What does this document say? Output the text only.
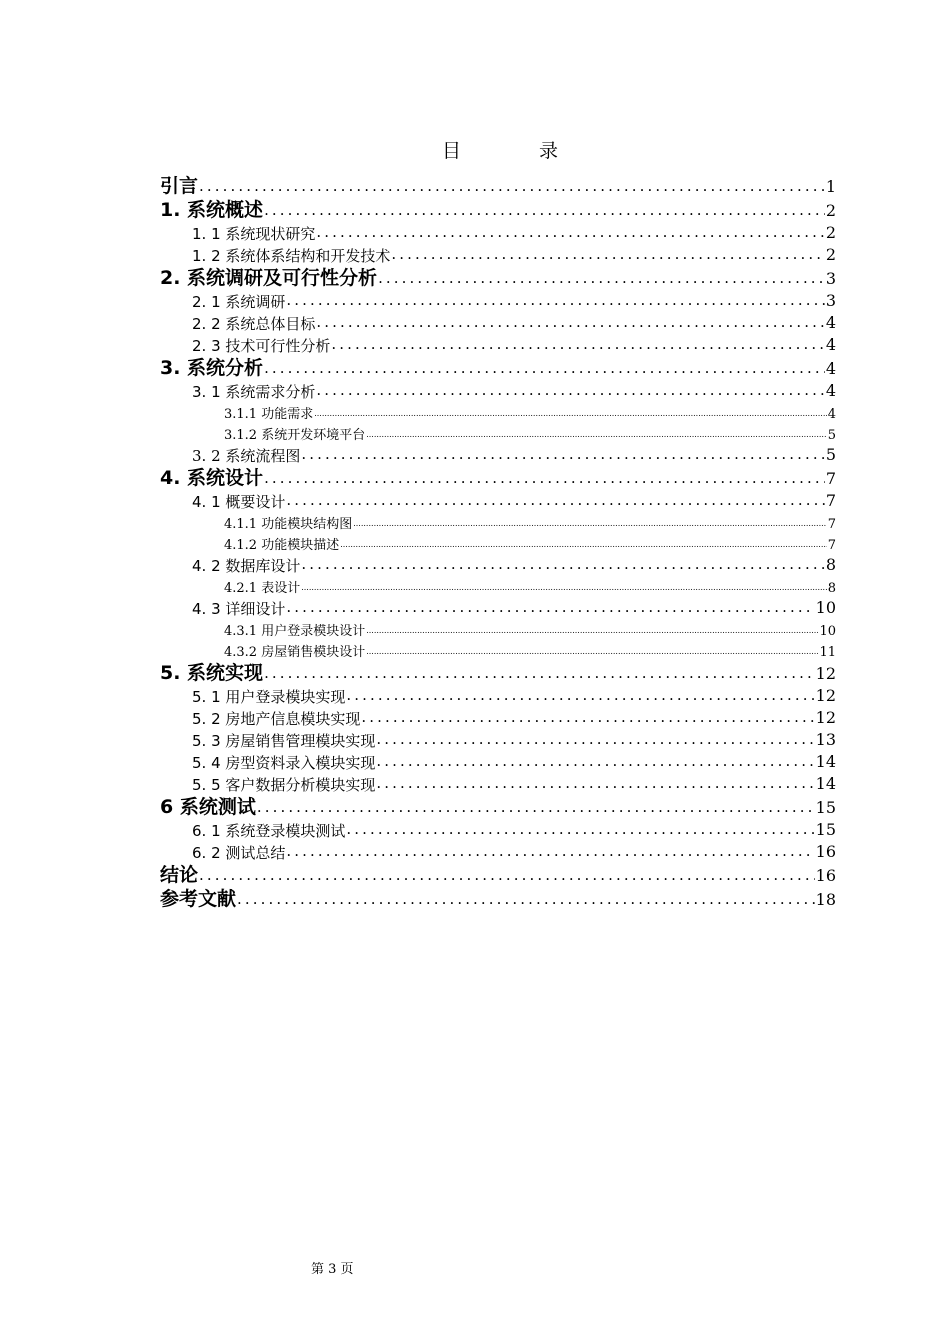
目	录
引言 .....	1
1. 系统概述 .....	2
1. 1 系统现状研究 .....	2
1. 2 系统体系结构和开发技术 .....	2
2. 系统调研及可行性分析 .....	3
2. 1 系统调研 .....	3
2. 2 系统总体目标 .....	4
2. 3 技术可行性分析 .....	4
3. 系统分析 .....	4
3. 1 系统需求分析 .....	4
3.1.1 功能需求 .....	4
3.1.2 系统开发环境平台 .....	5
3. 2 系统流程图 .....	5
4. 系统设计 .....	7
4. 1 概要设计 .....	7
4.1.1 功能模块结构图 .....	7
4.1.2 功能模块描述 .....	7
4. 2 数据库设计 .....	8
4.2.1 表设计 .....	8
4. 3 详细设计 .....	10
4.3.1 用户登录模块设计 .....	10
4.3.2 房屋销售模块设计 .....	11
5. 系统实现 .....	12
5. 1 用户登录模块实现 .....	12
5. 2 房地产信息模块实现 .....	12
5. 3 房屋销售管理模块实现 .....	13
5. 4 房型资料录入模块实现 .....	14
5. 5 客户数据分析模块实现 .....	14
6 系统测试 .....	15
6. 1 系统登录模块测试 .....	15
6. 2 测试总结 .....	16
结论 .....	16
参考文献 .....	18
第 3 页
